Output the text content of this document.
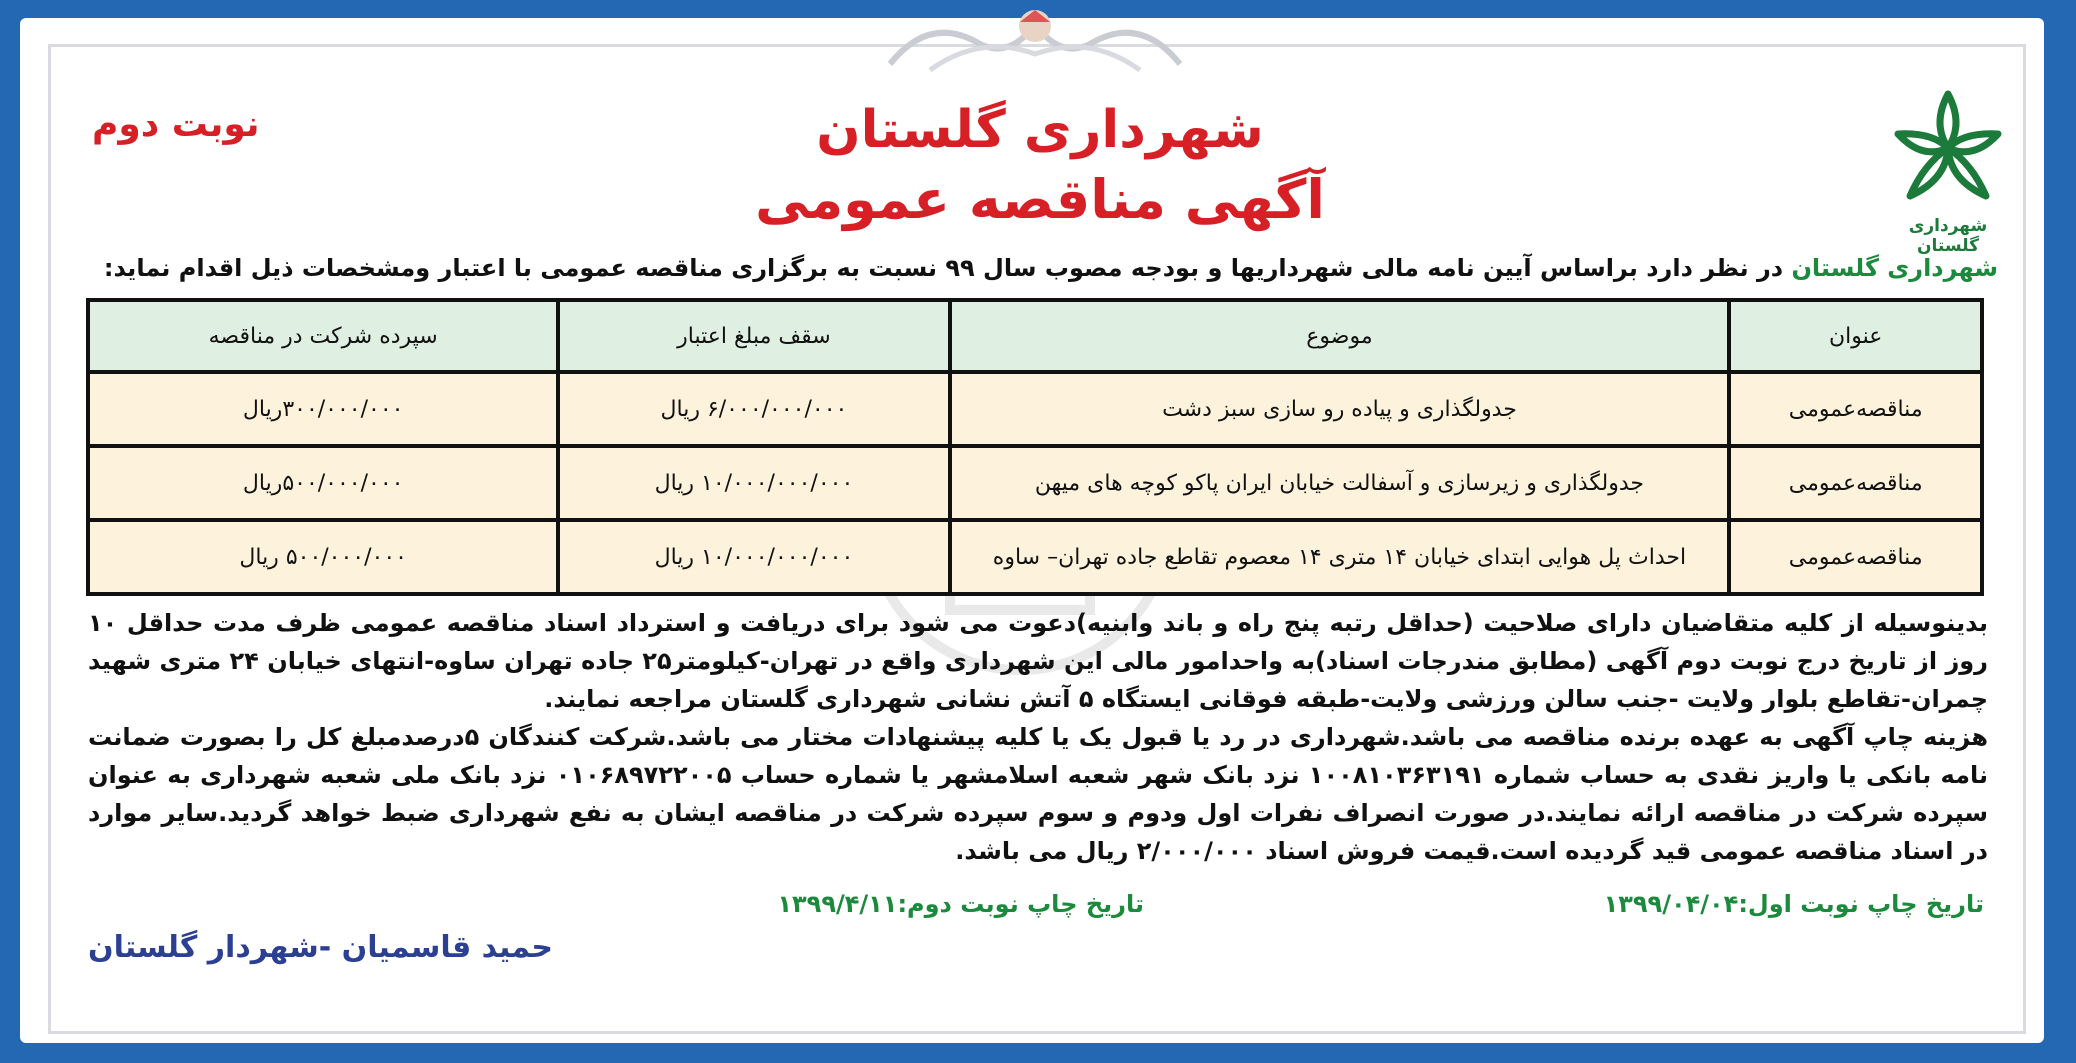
شهرداری گلستان
نوبت دوم	شهرداری گلستان
آگهی مناقصه عمومی
شهرداری گلستان در نظر دارد براساس آیین نامه مالی شهرداریها و بودجه مصوب سال ۹۹ نسبت به برگزاری مناقصه عمومی با اعتبار ومشخصات ذیل اقدام نماید:
عنوان	موضوع	سقف مبلغ اعتبار	سپرده شرکت در مناقصه
مناقصه‌عمومی	جدولگذاری و پیاده رو سازی سبز دشت	۶/۰۰۰/۰۰۰/۰۰۰ ریال	۳۰۰/۰۰۰/۰۰۰ریال
مناقصه‌عمومی	جدولگذاری و زیرسازی و آسفالت خیابان ایران پاکو کوچه های میهن	۱۰/۰۰۰/۰۰۰/۰۰۰ ریال	۵۰۰/۰۰۰/۰۰۰ریال
مناقصه‌عمومی	احداث پل هوایی ابتدای خیابان ۱۴ متری ۱۴ معصوم تقاطع جاده تهران– ساوه	۱۰/۰۰۰/۰۰۰/۰۰۰ ریال	۵۰۰/۰۰۰/۰۰۰ ریال

بدینوسیله از کلیه متقاضیان دارای صلاحیت (حداقل رتبه پنج راه و باند وابنیه)دعوت می شود برای دریافت و استرداد اسناد مناقصه عمومی ظرف مدت حداقل ۱۰ روز از تاریخ درج نوبت دوم آگهی (مطابق مندرجات اسناد)به واحدامور مالی این شهرداری واقع در تهران-کیلومتر۲۵ جاده تهران ساوه-انتهای خیابان ۲۴ متری شهید چمران-تقاطع بلوار ولایت -جنب سالن ورزشی ولایت-طبقه فوقانی ایستگاه ۵ آتش نشانی شهرداری گلستان مراجعه نمایند.

هزینه چاپ آگهی به عهده برنده مناقصه می باشد.شهرداری در رد یا قبول یک یا کلیه پیشنهادات مختار می باشد.شرکت کنندگان ۵درصدمبلغ کل را بصورت ضمانت نامه بانکی یا واریز نقدی به حساب شماره ۱۰۰۸۱۰۳۶۳۱۹۱ نزد بانک شهر شعبه اسلامشهر یا شماره حساب ۰۱۰۶۸۹۷۲۲۰۰۵ نزد بانک ملی شعبه شهرداری به عنوان سپرده شرکت در مناقصه ارائه نمایند.در صورت انصراف نفرات اول ودوم و سوم سپرده شرکت در مناقصه ایشان به نفع شهرداری ضبط خواهد گردید.سایر موارد در اسناد مناقصه عمومی قید گردیده است.قیمت فروش اسناد ۲/۰۰۰/۰۰۰ ریال می باشد.

تاریخ چاپ نوبت اول:۱۳۹۹/۰۴/۰۴
تاریخ چاپ نوبت دوم:۱۳۹۹/۴/۱۱
حمید قاسمیان -شهردار گلستان
